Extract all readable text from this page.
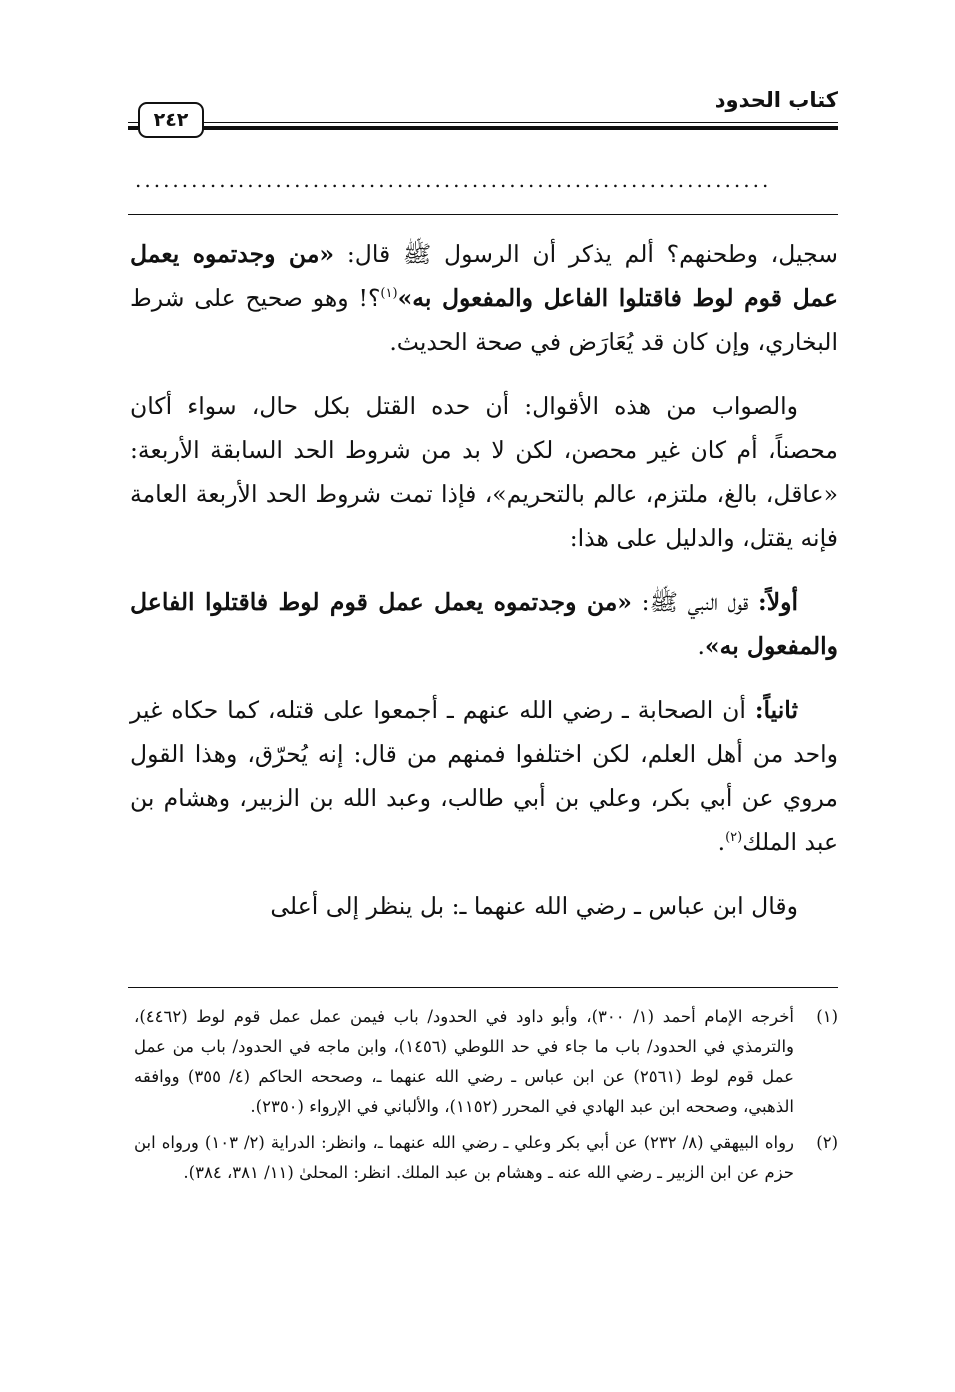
كتاب الحدود
٢٤٢
....................................................................

سجيل، وطحنهم؟ ألم يذكر أن الرسول ﷺ قال: «من وجدتموه يعمل عمل قوم لوط فاقتلوا الفاعل والمفعول به»$^{(١)}$؟! وهو صحيح على شرط البخاري، وإن كان قد يُعَارَض في صحة الحديث.

والصواب من هذه الأقوال: أن حده القتل بكل حال، سواء أكان محصناً، أم كان غير محصن، لكن لا بد من شروط الحد السابقة الأربعة: «عاقل، بالغ، ملتزم، عالم بالتحريم»، فإذا تمت شروط الحد الأربعة العامة فإنه يقتل، والدليل على هذا:

أولاً: قول النبي ﷺ: «من وجدتموه يعمل عمل قوم لوط فاقتلوا الفاعل والمفعول به».

ثانياً: أن الصحابة ـ رضي الله عنهم ـ أجمعوا على قتله، كما حكاه غير واحد من أهل العلم، لكن اختلفوا فمنهم من قال: إنه يُحرّق، وهذا القول مروي عن أبي بكر، وعلي بن أبي طالب، وعبد الله بن الزبير، وهشام بن عبد الملك$^{(٢)}$.

وقال ابن عباس ـ رضي الله عنهما ـ: بل ينظر إلى أعلى

(١)
أخرجه الإمام أحمد (١/ ٣٠٠)، وأبو داود في الحدود/ باب فيمن عمل عمل قوم لوط (٤٤٦٢)، والترمذي في الحدود/ باب ما جاء في حد اللوطي (١٤٥٦)، وابن ماجه في الحدود/ باب من عمل عمل قوم لوط (٢٥٦١) عن ابن عباس ـ رضي الله عنهما ـ، وصححه الحاكم (٤/ ٣٥٥) ووافقه الذهبي، وصححه ابن عبد الهادي في المحرر (١١٥٢)، والألباني في الإرواء (٢٣٥٠).
(٢)
رواه البيهقي (٨/ ٢٣٢) عن أبي بكر وعلي ـ رضي الله عنهما ـ، وانظر: الدراية (٢/ ١٠٣) ورواه ابن حزم عن ابن الزبير ـ رضي الله عنه ـ وهشام بن عبد الملك. انظر: المحلىٰ (١١/ ٣٨١، ٣٨٤).
